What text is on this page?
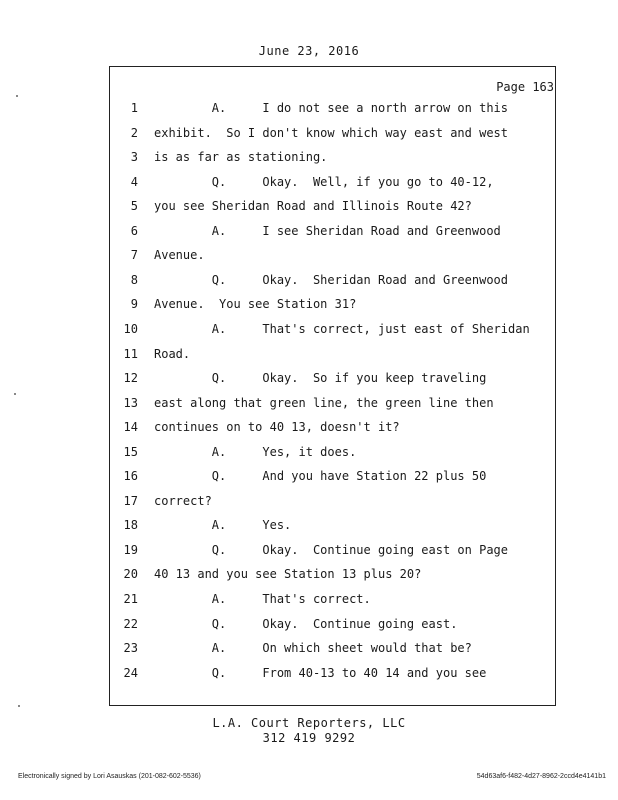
June 23, 2016
Page 163
1 A.     I do not see a north arrow on this
2 exhibit.  So I don't know which way east and west
3 is as far as stationing.
4 Q.     Okay.  Well, if you go to 40-12,
5 you see Sheridan Road and Illinois Route 42?
6 A.     I see Sheridan Road and Greenwood
7 Avenue.
8 Q.     Okay.  Sheridan Road and Greenwood
9 Avenue.  You see Station 31?
10 A.     That's correct, just east of Sheridan
11 Road.
12 Q.     Okay.  So if you keep traveling
13 east along that green line, the green line then
14 continues on to 40 13, doesn't it?
15 A.     Yes, it does.
16 Q.     And you have Station 22 plus 50
17 correct?
18 A.     Yes.
19 Q.     Okay.  Continue going east on Page
20 40 13 and you see Station 13 plus 20?
21 A.     That's correct.
22 Q.     Okay.  Continue going east.
23 A.     On which sheet would that be?
24 Q.     From 40-13 to 40 14 and you see
L.A. Court Reporters, LLC
312 419 9292
Electronically signed by Lori Asauskas (201-082-602-5536)	54d63af6-f482-4d27-8962-2ccd4e4141b1
